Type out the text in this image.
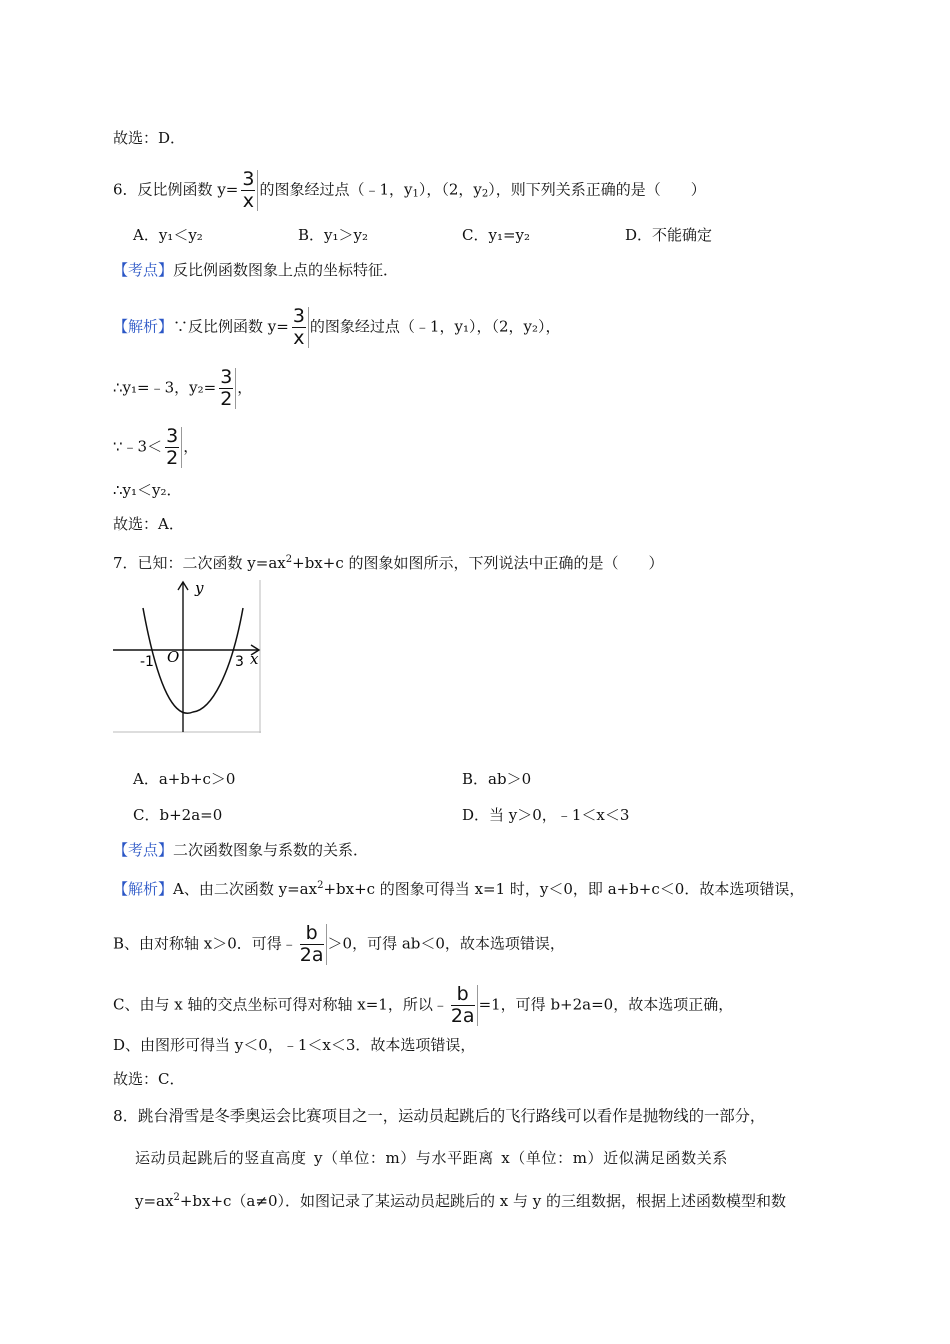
故选：D．
6．反比例函数 $y= \frac{3}{x}$ 的图象经过点（﹣1，$y_1$），（2，$y_2$），则下列关系正确的是（　　）
A．y₁＜y₂	B．y₁＞y₂	C．y₁=y₂	D．不能确定
【考点】反比例函数图象上点的坐标特征．
【解析】∵反比例函数 $y= \frac{3}{x}$ 的图象经过点（﹣1，y₁），（2，y₂），
∴y₁=﹣3，$y_2= \frac{3}{2}$ ，
∵﹣3＜ $\frac{3}{2}$ ，
∴y₁＜y₂．
故选：A．
7．已知：二次函数 $y=ax^2+bx+c$ 的图象如图所示，下列说法中正确的是（　　）
y
x
O
-1	3
A．a+b+c＞0	B．ab＞0
C．b+2a=0	D．当 y＞0，﹣1＜x＜3
【考点】二次函数图象与系数的关系．
【解析】A、由二次函数 $y=ax^2+bx+c$ 的图象可得当 x=1 时，y＜0，即 a+b+c＜0．故本选项错误，
B、由对称轴 x＞0．可得﹣ $\frac{b}{2a} >0$，可得 ab＜0，故本选项错误，
C、由与 x 轴的交点坐标可得对称轴 x=1，所以﹣ $\frac{b}{2a} =1$，可得 b+2a=0，故本选项正确，
D、由图形可得当 y＜0，﹣1＜x＜3．故本选项错误，
故选：C．
8．跳台滑雪是冬季奥运会比赛项目之一，运动员起跳后的飞行路线可以看作是抛物线的一部分，
运动员起跳后的竖直高度 y（单位：m）与水平距离 x（单位：m）近似满足函数关系
$y=ax^2+bx+c(a\ne 0)$．如图记录了某运动员起跳后的 x 与 y 的三组数据，根据上述函数模型和数
